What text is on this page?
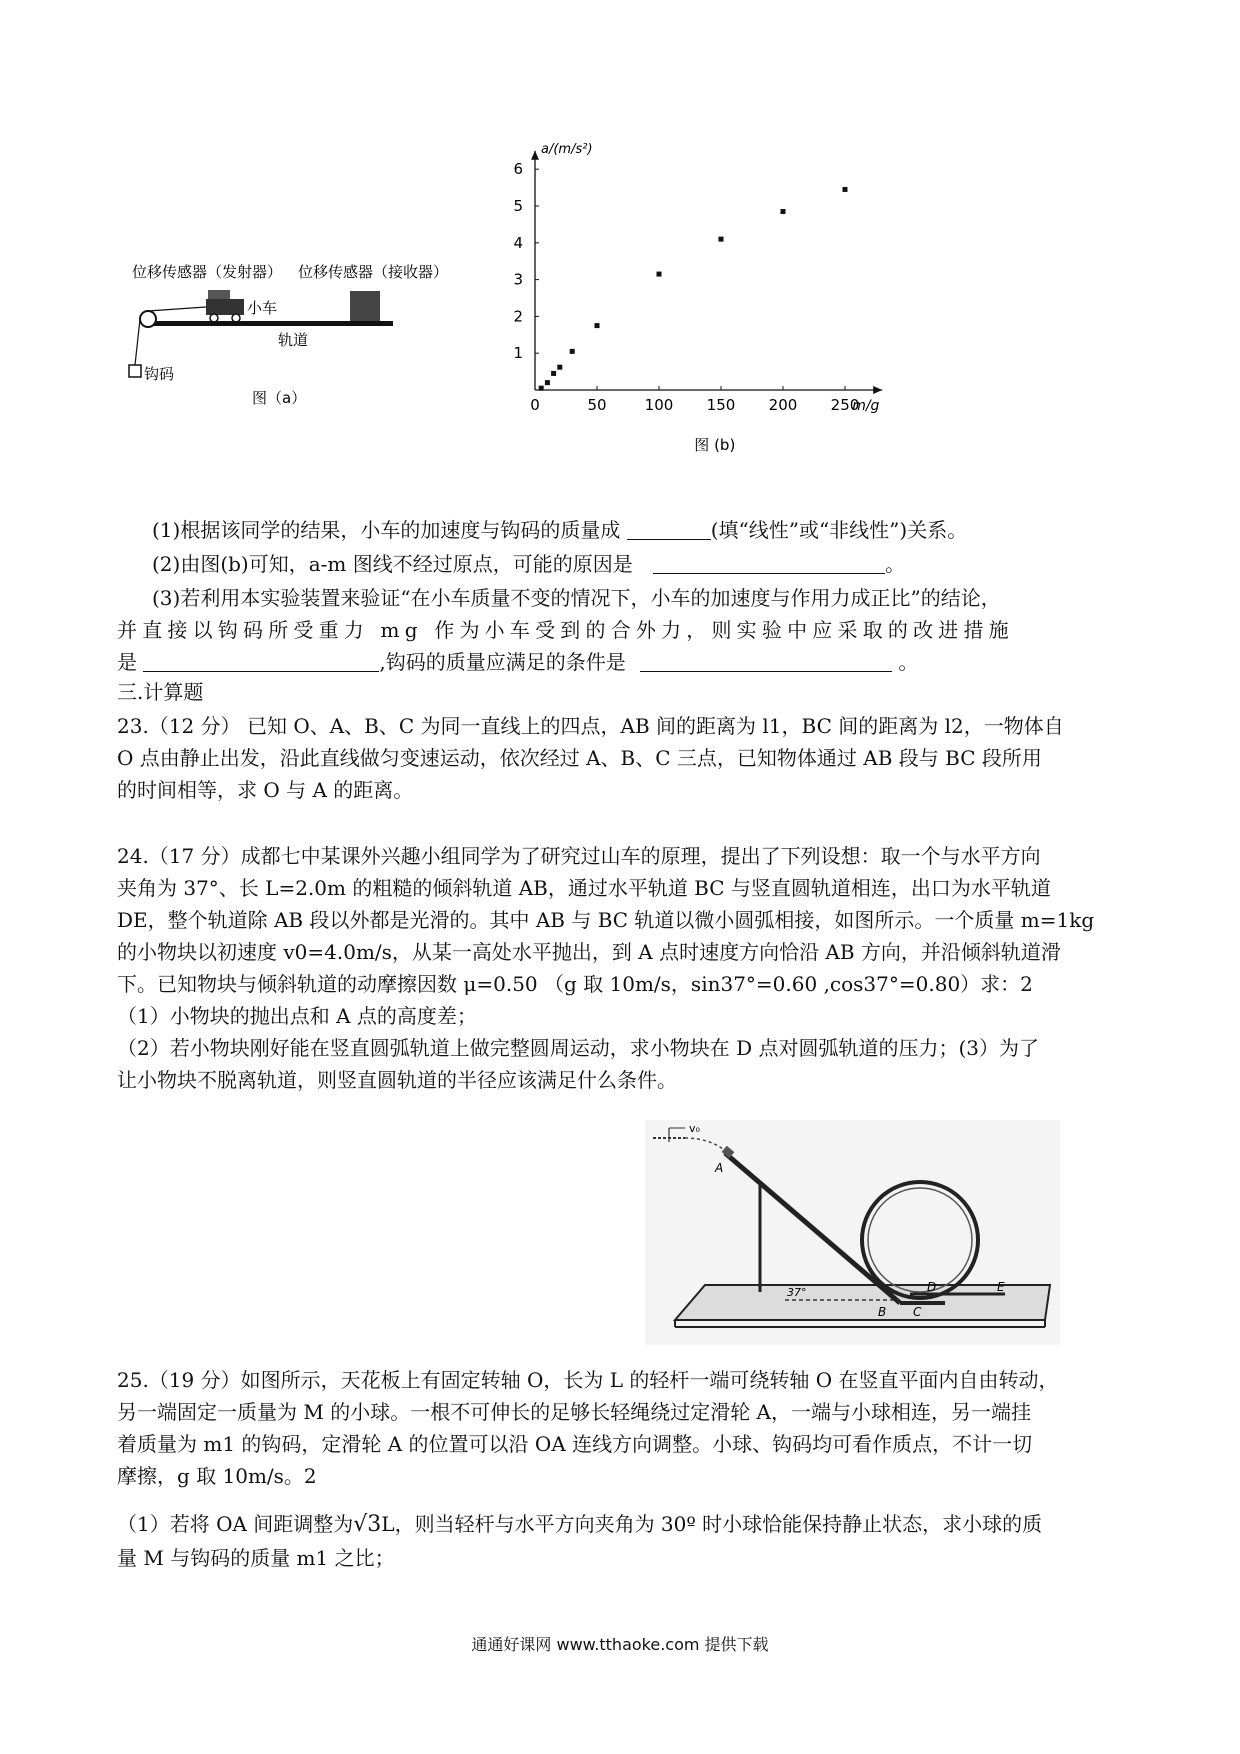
位移传感器（发射器） 位移传感器（接收器）
小车
轨道
钩码
图（a）	0	50	100 150 200 250
1
2
3
4
5
6
a/(m/s²)
m/g
图 (b)
(1)根据该同学的结果，小车的加速度与钩码的质量成	(填“线性”或“非线性”)关系。
(2)由图(b)可知，a-m 图线不经过原点，可能的原因是	。
(3)若利用本实验装置来验证“在小车质量不变的情况下，小车的加速度与作用力成正比”的结论，
并直接以钩码所受重力 mg 作为小车受到的合外力，则实验中应采取的改进措施
是	,钩码的质量应满足的条件是	。
三.计算题
23.（12 分） 已知 O、A、B、C 为同一直线上的四点，AB 间的距离为 l1，BC 间的距离为 l2，一物体自
O 点由静止出发，沿此直线做匀变速运动，依次经过 A、B、C 三点，已知物体通过 AB 段与 BC 段所用
的时间相等，求 O 与 A 的距离。
24.（17 分）成都七中某课外兴趣小组同学为了研究过山车的原理，提出了下列设想：取一个与水平方向
夹角为 37°、长 L=2.0m 的粗糙的倾斜轨道 AB，通过水平轨道 BC 与竖直圆轨道相连，出口为水平轨道
DE，整个轨道除 AB 段以外都是光滑的。其中 AB 与 BC 轨道以微小圆弧相接，如图所示。一个质量 m=1kg
的小物块以初速度 v0=4.0m/s，从某一高处水平抛出，到 A 点时速度方向恰沿 AB 方向，并沿倾斜轨道滑
下。已知物块与倾斜轨道的动摩擦因数 μ=0.50 （g 取 10m/s，sin37°=0.60 ,cos37°=0.80）求：2
（1）小物块的抛出点和 A 点的高度差；
（2）若小物块刚好能在竖直圆弧轨道上做完整圆周运动，求小物块在 D 点对圆弧轨道的压力；(3）为了
让小物块不脱离轨道，则竖直圆轨道的半径应该满足什么条件。
v₀
A
37°
B C
D	E
25.（19 分）如图所示，天花板上有固定转轴 O，长为 L 的轻杆一端可绕转轴 O 在竖直平面内自由转动，
另一端固定一质量为 M 的小球。一根不可伸长的足够长轻绳绕过定滑轮 A，一端与小球相连，另一端挂
着质量为 m1 的钩码，定滑轮 A 的位置可以沿 OA 连线方向调整。小球、钩码均可看作质点，不计一切
摩擦，g 取 10m/s。2
（1）若将 OA 间距调整为√3L，则当轻杆与水平方向夹角为 30º 时小球恰能保持静止状态，求小球的质
量 M 与钩码的质量 m1 之比；
通通好课网 www.tthaoke.com 提供下载
